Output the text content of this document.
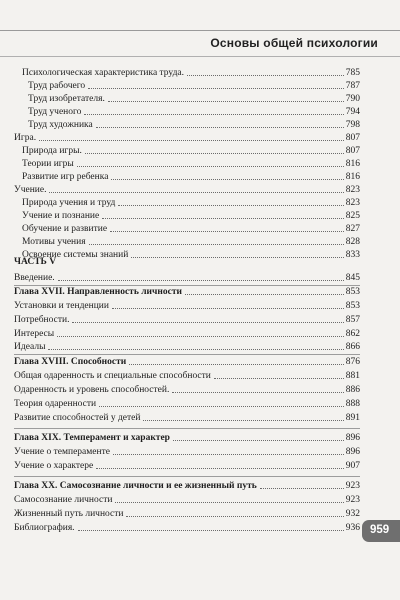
Основы общей психологии
Психологическая характеристика труда.	785
Труд рабочего	787
Труд изобретателя.	790
Труд ученого	794
Труд художника	798
Игра.	807
Природа игры.	807
Теории игры	816
Развитие игр ребенка	816
Учение.	823
Природа учения и труд	823
Учение и познание	825
Обучение и развитие	827
Мотивы учения	828
Освоение системы знаний	833
ЧАСТЬ V
Введение.	845
Глава XVII. Направленность личности	853
Установки и тенденции	853
Потребности.	857
Интересы	862
Идеалы	866
Глава XVIII. Способности	876
Общая одаренность и специальные способности	881
Одаренность и уровень способностей.	886
Теория одаренности	888
Развитие способностей у детей	891
Глава XIX. Темперамент и характер	896
Учение о темпераменте	896
Учение о характере	907
Глава XX. Самосознание личности и ее жизненный путь	923
Самосознание личности	923
Жизненный путь личности	932
Библиография.	936 959
